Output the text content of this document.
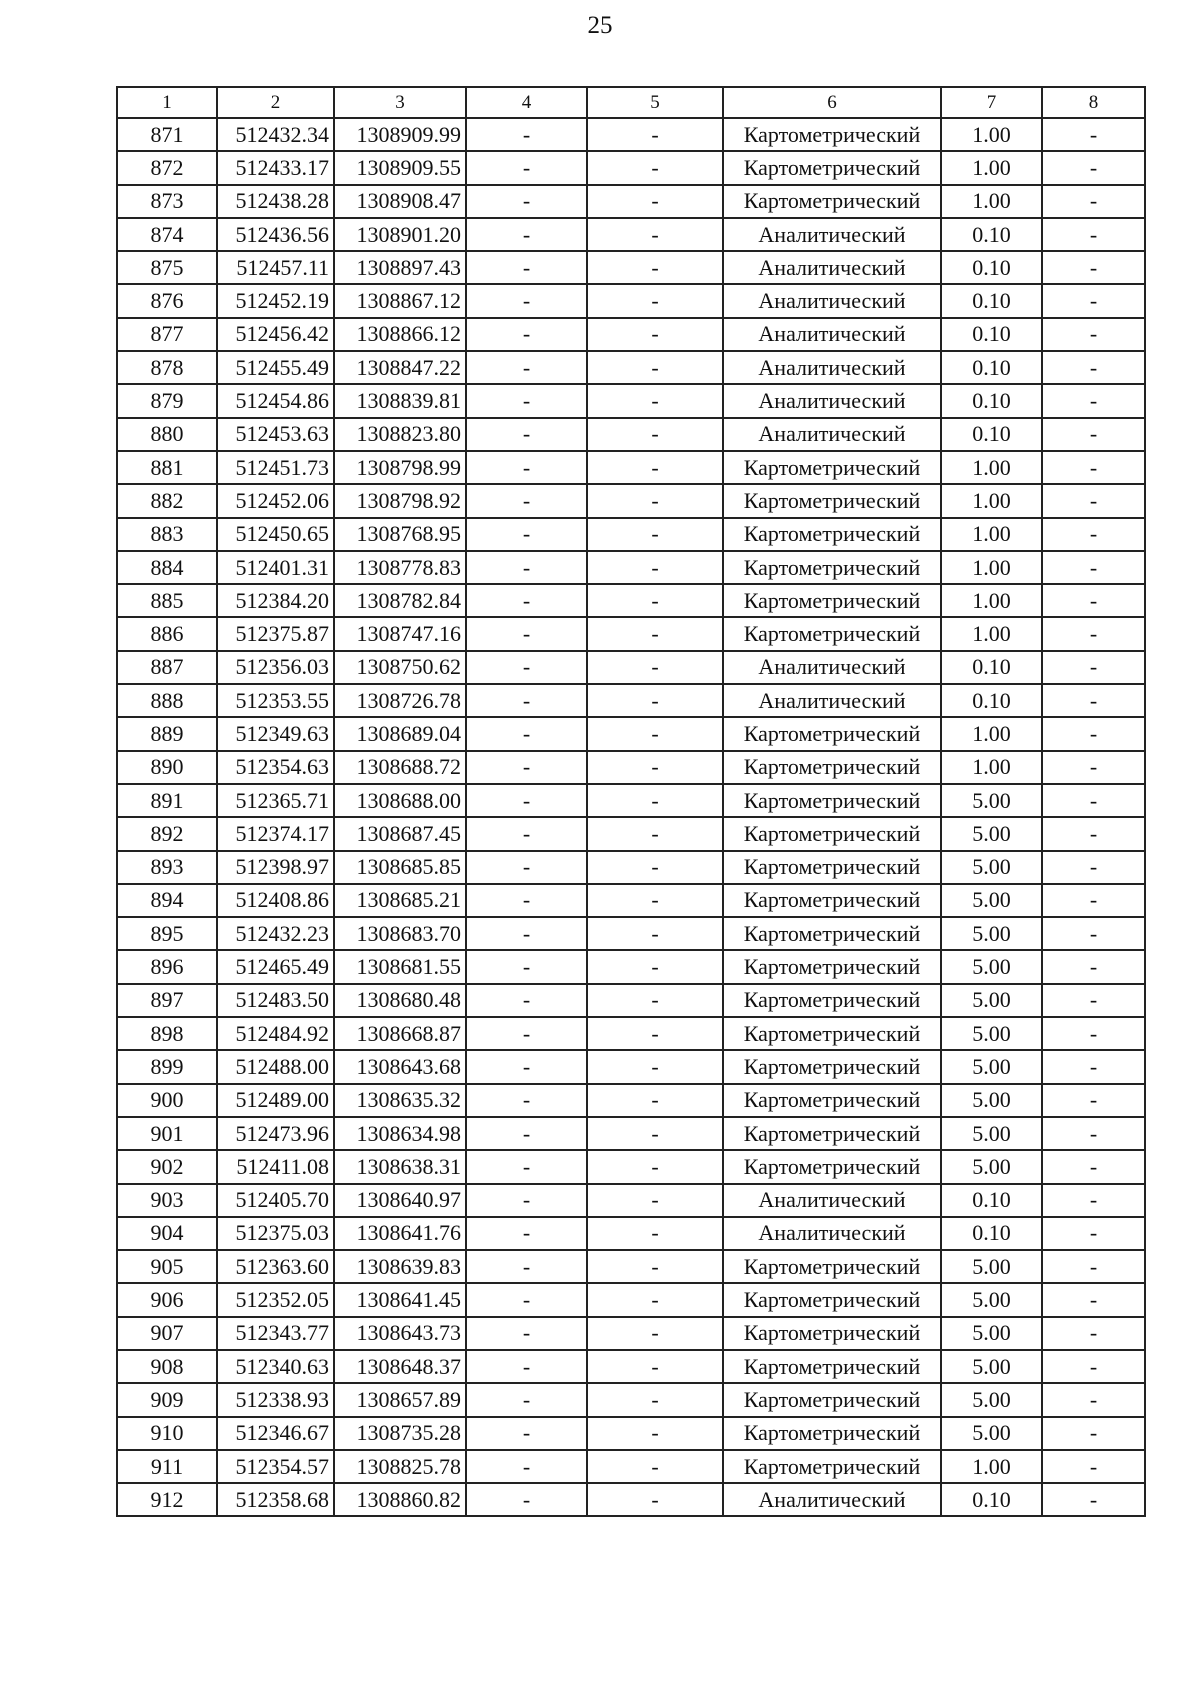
25
1	2	3	4	5	6	7	8
871	512432.34	1308909.99	-	-	Картометрический	1.00	-
872	512433.17	1308909.55	-	-	Картометрический	1.00	-
873	512438.28	1308908.47	-	-	Картометрический	1.00	-
874	512436.56	1308901.20	-	-	Аналитический	0.10	-
875	512457.11	1308897.43	-	-	Аналитический	0.10	-
876	512452.19	1308867.12	-	-	Аналитический	0.10	-
877	512456.42	1308866.12	-	-	Аналитический	0.10	-
878	512455.49	1308847.22	-	-	Аналитический	0.10	-
879	512454.86	1308839.81	-	-	Аналитический	0.10	-
880	512453.63	1308823.80	-	-	Аналитический	0.10	-
881	512451.73	1308798.99	-	-	Картометрический	1.00	-
882	512452.06	1308798.92	-	-	Картометрический	1.00	-
883	512450.65	1308768.95	-	-	Картометрический	1.00	-
884	512401.31	1308778.83	-	-	Картометрический	1.00	-
885	512384.20	1308782.84	-	-	Картометрический	1.00	-
886	512375.87	1308747.16	-	-	Картометрический	1.00	-
887	512356.03	1308750.62	-	-	Аналитический	0.10	-
888	512353.55	1308726.78	-	-	Аналитический	0.10	-
889	512349.63	1308689.04	-	-	Картометрический	1.00	-
890	512354.63	1308688.72	-	-	Картометрический	1.00	-
891	512365.71	1308688.00	-	-	Картометрический	5.00	-
892	512374.17	1308687.45	-	-	Картометрический	5.00	-
893	512398.97	1308685.85	-	-	Картометрический	5.00	-
894	512408.86	1308685.21	-	-	Картометрический	5.00	-
895	512432.23	1308683.70	-	-	Картометрический	5.00	-
896	512465.49	1308681.55	-	-	Картометрический	5.00	-
897	512483.50	1308680.48	-	-	Картометрический	5.00	-
898	512484.92	1308668.87	-	-	Картометрический	5.00	-
899	512488.00	1308643.68	-	-	Картометрический	5.00	-
900	512489.00	1308635.32	-	-	Картометрический	5.00	-
901	512473.96	1308634.98	-	-	Картометрический	5.00	-
902	512411.08	1308638.31	-	-	Картометрический	5.00	-
903	512405.70	1308640.97	-	-	Аналитический	0.10	-
904	512375.03	1308641.76	-	-	Аналитический	0.10	-
905	512363.60	1308639.83	-	-	Картометрический	5.00	-
906	512352.05	1308641.45	-	-	Картометрический	5.00	-
907	512343.77	1308643.73	-	-	Картометрический	5.00	-
908	512340.63	1308648.37	-	-	Картометрический	5.00	-
909	512338.93	1308657.89	-	-	Картометрический	5.00	-
910	512346.67	1308735.28	-	-	Картометрический	5.00	-
911	512354.57	1308825.78	-	-	Картометрический	1.00	-
912	512358.68	1308860.82	-	-	Аналитический	0.10	-
